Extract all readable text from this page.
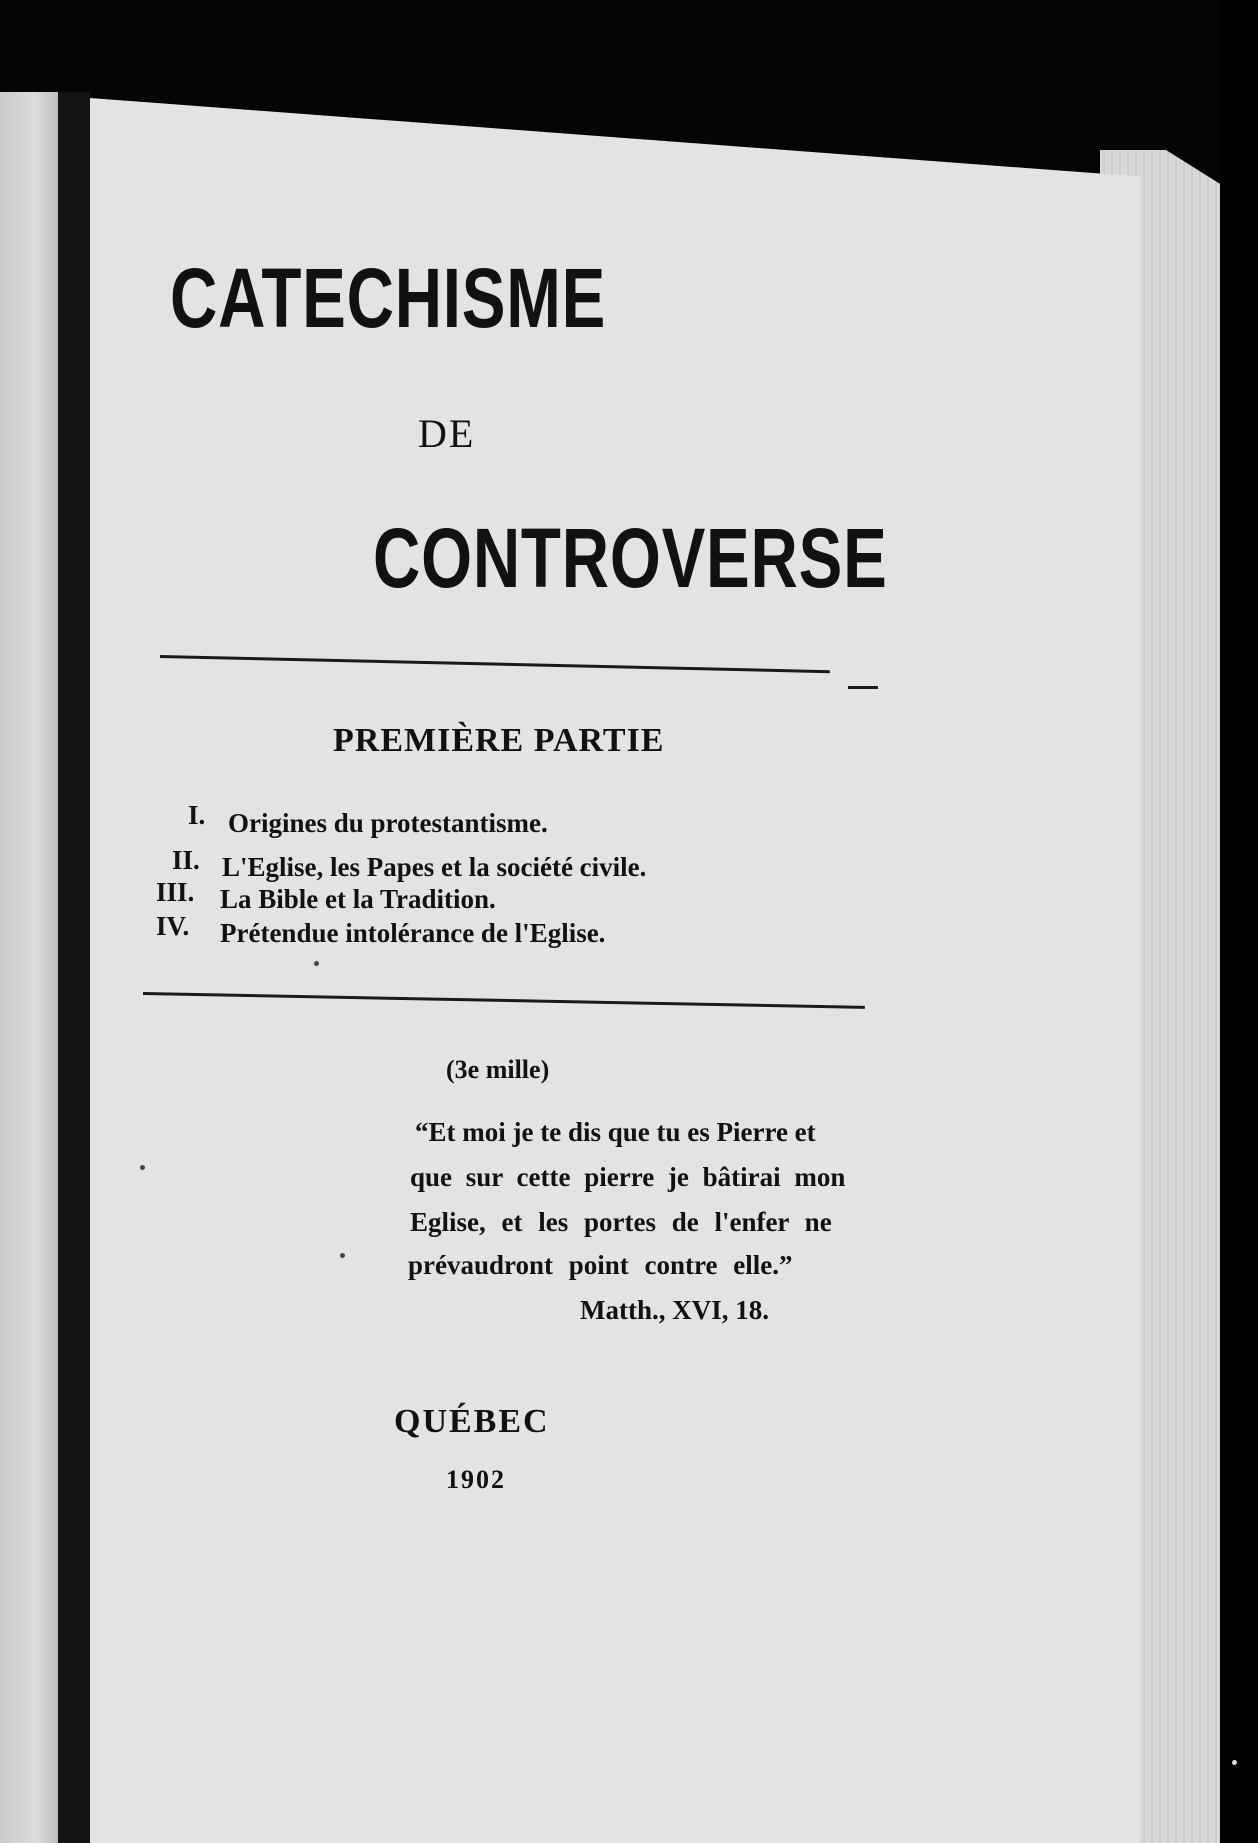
CATECHISME

DE

CONTROVERSE

PREMIÈRE PARTIE

I. Origines du protestantisme.

II. L'Eglise, les Papes et la société civile.

III. La Bible et la Tradition.

IV. Prétendue intolérance de l'Eglise.

(3e mille)

“Et moi je te dis que tu es Pierre et

que sur cette pierre je bâtirai mon

Eglise, et les portes de l'enfer ne

prévaudront point contre elle.”

Matth., XVI, 18.

QUÉBEC

1902
